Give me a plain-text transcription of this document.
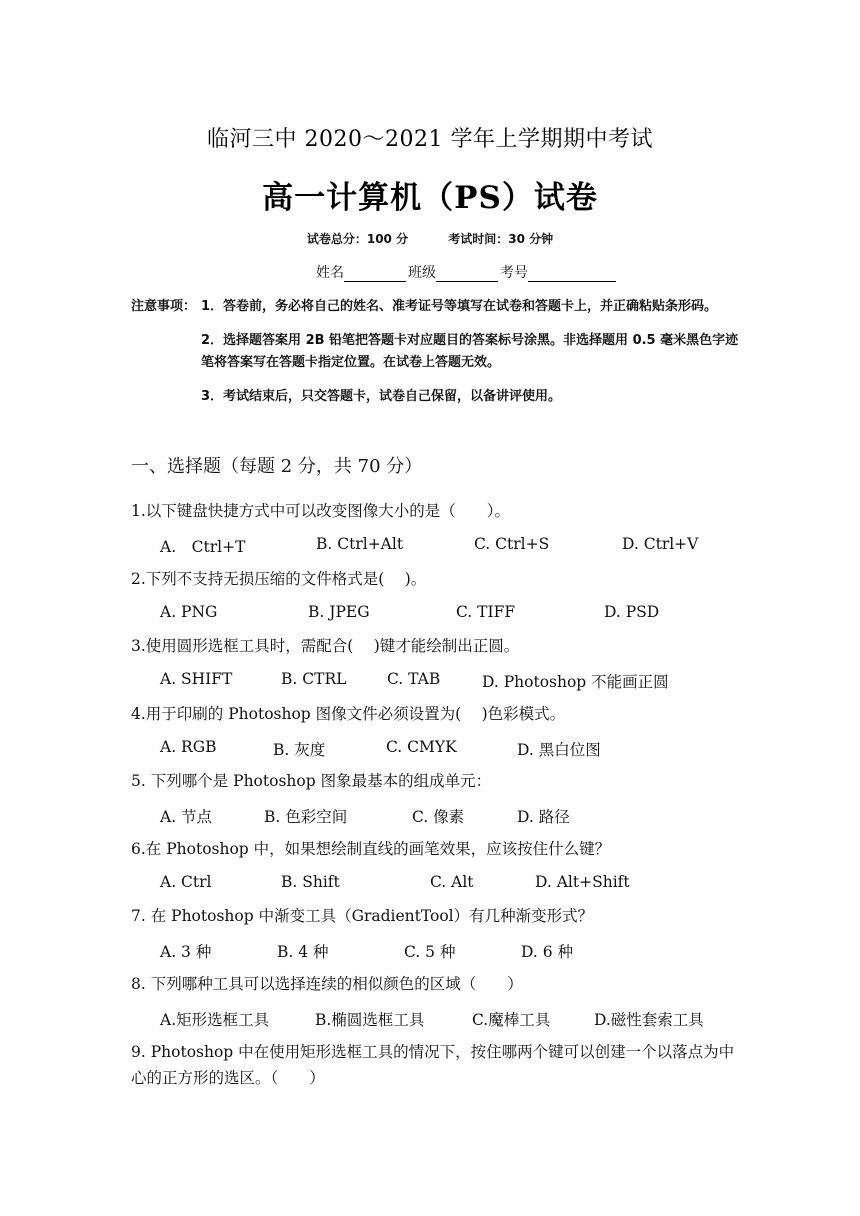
临河三中 2020～2021 学年上学期期中考试
高一计算机（PS）试卷
试卷总分：100 分	考试时间：30 分钟
姓名	班级	考号
注意事项： 1．答卷前，务必将自己的姓名、准考证号等填写在试卷和答题卡上，并正确粘贴条形码。
2．选择题答案用 2B 铅笔把答题卡对应题目的答案标号涂黑。非选择题用 0.5 毫米黑色字迹笔将答案写在答题卡指定位置。在试卷上答题无效。
3．考试结束后，只交答题卡，试卷自己保留，以备讲评使用。
一、选择题（每题 2 分，共 70 分）
1.以下键盘快捷方式中可以改变图像大小的是（　　）。
A.　Ctrl+T	B. Ctrl+Alt	C. Ctrl+S	D. Ctrl+V
2.下列不支持无损压缩的文件格式是(　 )。
A. PNG	B. JPEG	C. TIFF	D. PSD
3.使用圆形选框工具时，需配合(　 )键才能绘制出正圆。
A. SHIFT	B. CTRL	C. TAB	D. Photoshop 不能画正圆
4.用于印刷的 Photoshop 图像文件必须设置为(　 )色彩模式。
A. RGB	B. 灰度	C. CMYK	D. 黑白位图
5. 下列哪个是 Photoshop 图象最基本的组成单元：
A. 节点	B. 色彩空间	C. 像素	D. 路径
6.在 Photoshop 中，如果想绘制直线的画笔效果，应该按住什么键？
A. Ctrl	B. Shift	C. Alt	D. Alt+Shift
7. 在 Photoshop 中渐变工具（GradientTool）有几种渐变形式？
A. 3 种	B. 4 种	C. 5 种	D. 6 种
8. 下列哪种工具可以选择连续的相似颜色的区域（　　）
A.矩形选框工具	B.椭圆选框工具	C.魔棒工具	D.磁性套索工具
9. Photoshop 中在使用矩形选框工具的情况下，按住哪两个键可以创建一个以落点为中心的正方形的选区。（　　）
